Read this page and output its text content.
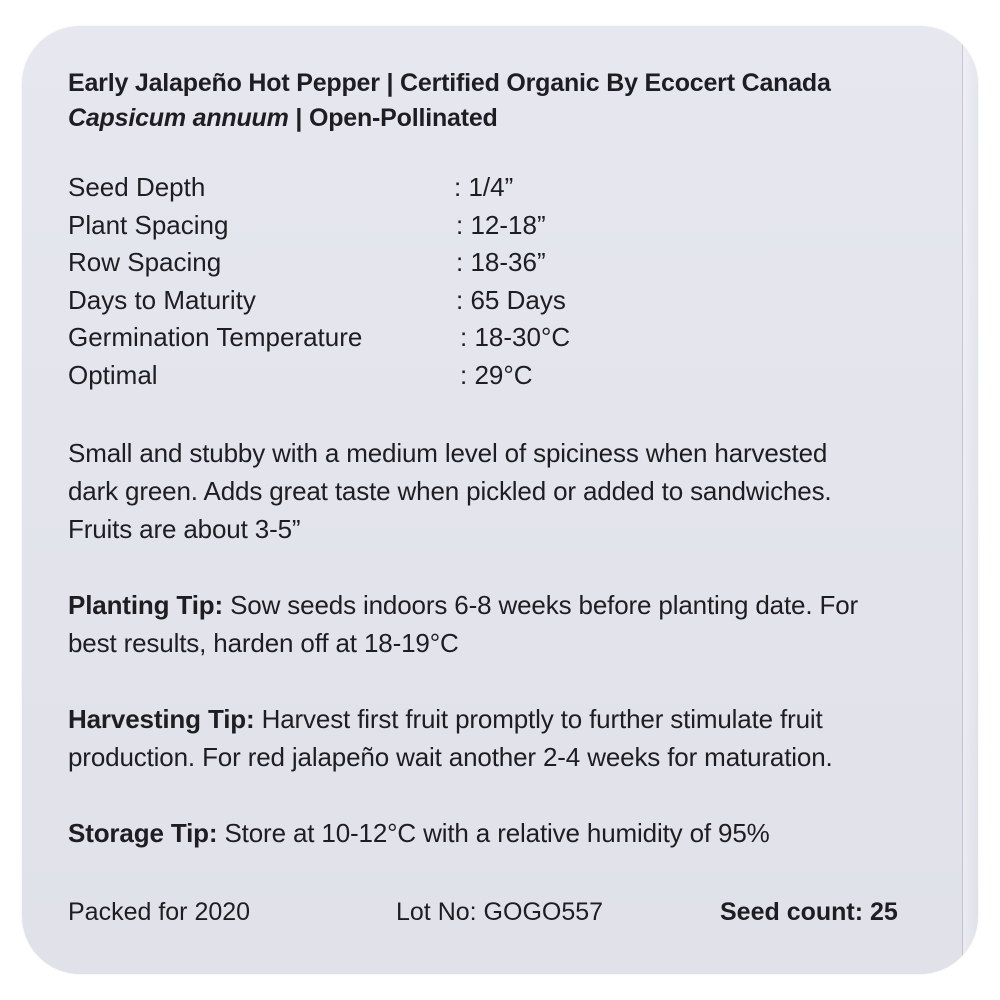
Early Jalapeño Hot Pepper | Certified Organic By Ecocert Canada
Capsicum annuum | Open-Pollinated
Seed Depth	: 1/4”
Plant Spacing	: 12-18”
Row Spacing	: 18-36”
Days to Maturity	: 65 Days
Germination Temperature	: 18-30°C
Optimal	: 29°C
Small and stubby with a medium level of spiciness when harvested
dark green. Adds great taste when pickled or added to sandwiches.
Fruits are about 3-5”
Planting Tip: Sow seeds indoors 6-8 weeks before planting date. For
best results, harden off at 18-19°C
Harvesting Tip: Harvest first fruit promptly to further stimulate fruit
production. For red jalapeño wait another 2-4 weeks for maturation.
Storage Tip: Store at 10-12°C with a relative humidity of 95%
Packed for 2020	Lot No: GOGO557	Seed count: 25
